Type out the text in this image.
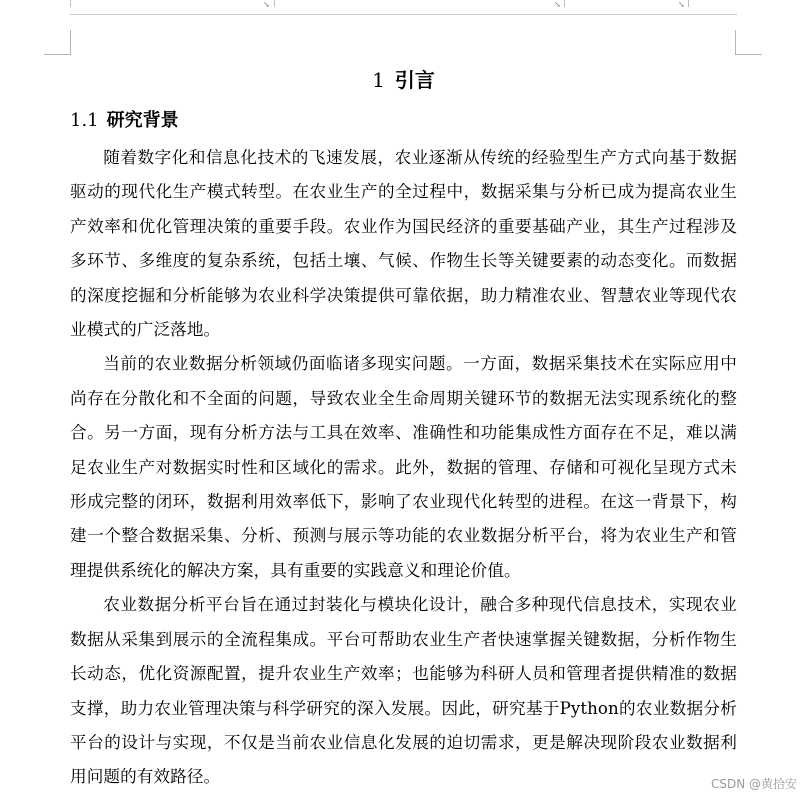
↘	↘	↘
1 引言
1.1 研究背景

随着数字化和信息化技术的飞速发展，农业逐渐从传统的经验型生产方式向基于数据驱动的现代化生产模式转型。在农业生产的全过程中，数据采集与分析已成为提高农业生产效率和优化管理决策的重要手段。农业作为国民经济的重要基础产业，其生产过程涉及多环节、多维度的复杂系统，包括土壤、气候、作物生长等关键要素的动态变化。而数据的深度挖掘和分析能够为农业科学决策提供可靠依据，助力精准农业、智慧农业等现代农业模式的广泛落地。

当前的农业数据分析领域仍面临诸多现实问题。一方面，数据采集技术在实际应用中尚存在分散化和不全面的问题，导致农业全生命周期关键环节的数据无法实现系统化的整合。另一方面，现有分析方法与工具在效率、准确性和功能集成性方面存在不足，难以满足农业生产对数据实时性和区域化的需求。此外，数据的管理、存储和可视化呈现方式未形成完整的闭环，数据利用效率低下，影响了农业现代化转型的进程。在这一背景下，构建一个整合数据采集、分析、预测与展示等功能的农业数据分析平台，将为农业生产和管理提供系统化的解决方案，具有重要的实践意义和理论价值。

农业数据分析平台旨在通过封装化与模块化设计，融合多种现代信息技术，实现农业数据从采集到展示的全流程集成。平台可帮助农业生产者快速掌握关键数据，分析作物生长动态，优化资源配置，提升农业生产效率；也能够为科研人员和管理者提供精准的数据支撑，助力农业管理决策与科学研究的深入发展。因此，研究基于Python的农业数据分析平台的设计与实现，不仅是当前农业信息化发展的迫切需求，更是解决现阶段农业数据利用问题的有效路径。	CSDN @黄拾安
